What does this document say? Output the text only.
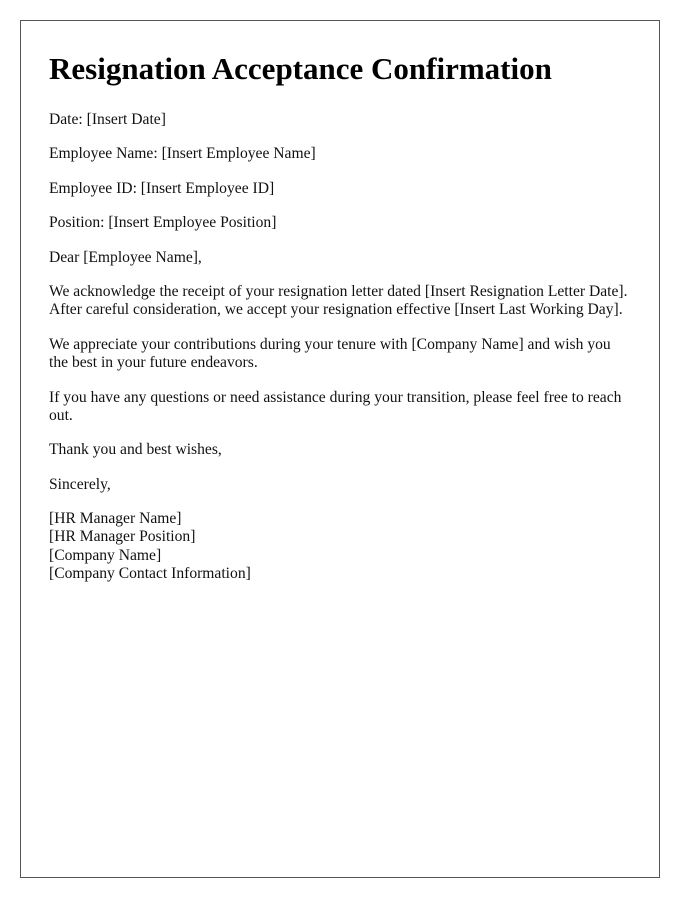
Resignation Acceptance Confirmation

Date: [Insert Date]

Employee Name: [Insert Employee Name]

Employee ID: [Insert Employee ID]

Position: [Insert Employee Position]

Dear [Employee Name],

We acknowledge the receipt of your resignation letter dated [Insert Resignation Letter Date]. After careful consideration, we accept your resignation effective [Insert Last Working Day].

We appreciate your contributions during your tenure with [Company Name] and wish you the best in your future endeavors.

If you have any questions or need assistance during your transition, please feel free to reach out.

Thank you and best wishes,

Sincerely,

[HR Manager Name]
[HR Manager Position]
[Company Name]
[Company Contact Information]
